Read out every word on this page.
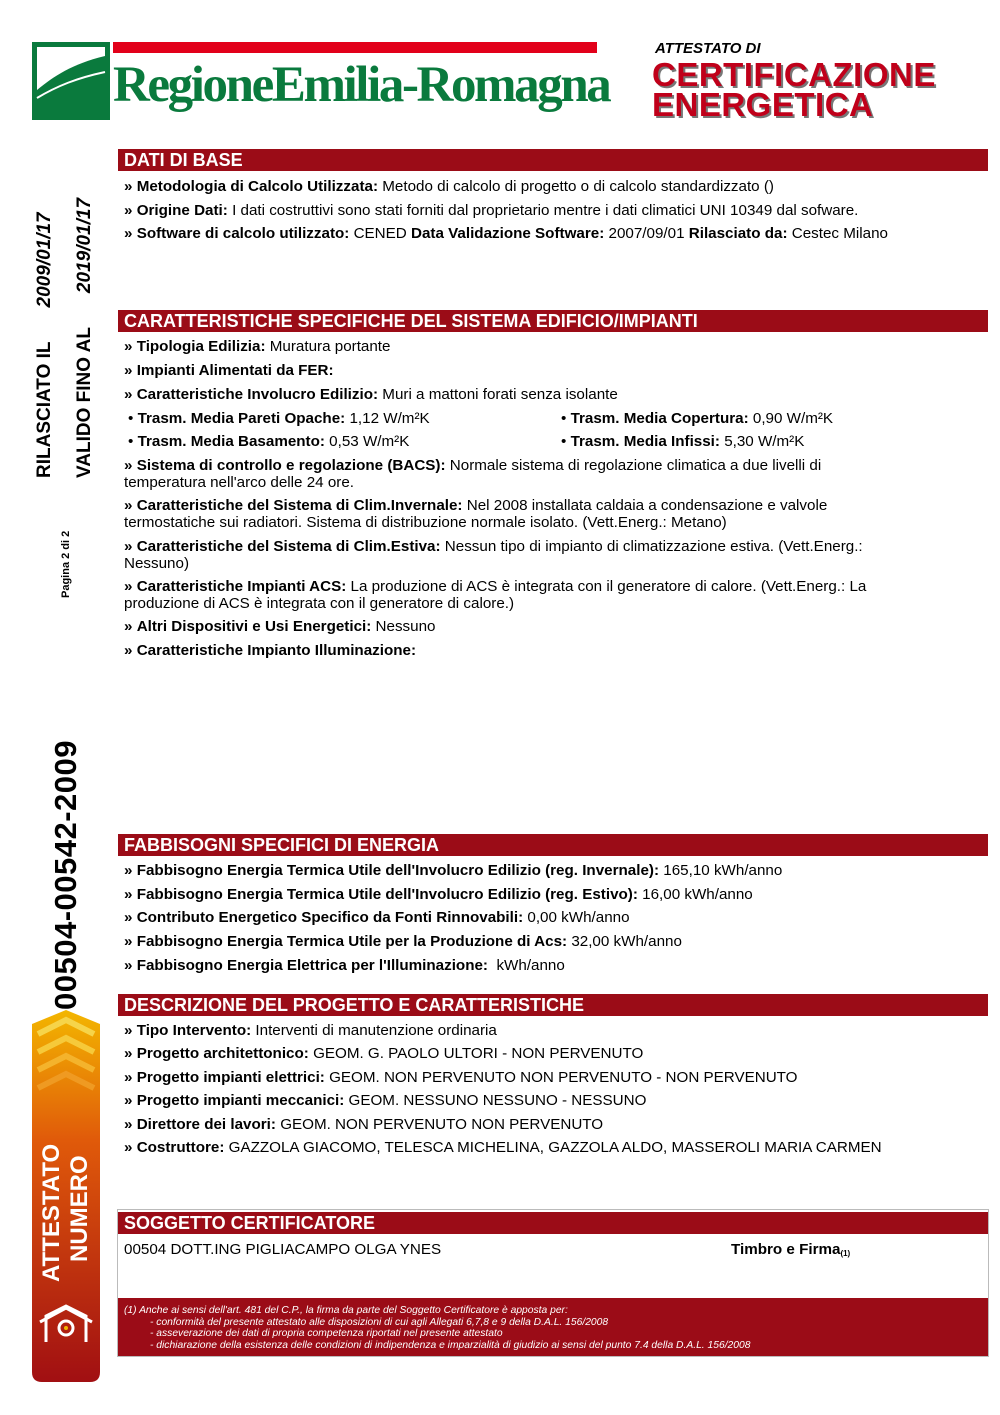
RegioneEmilia-Romagna
ATTESTATO DI
CERTIFICAZIONE
ENERGETICA
RILASCIATO IL2009/01/17
VALIDO FINO AL2019/01/17
Pagina 2 di 2
00504-00542-2009
ATTESTATO NUMERO
DATI DI BASE
» Metodologia di Calcolo Utilizzata: Metodo di calcolo di progetto o di calcolo standardizzato ()
» Origine Dati: I dati costruttivi sono stati forniti dal proprietario mentre i dati climatici UNI 10349 dal sofware.
» Software di calcolo utilizzato: CENED Data Validazione Software: 2007/09/01 Rilasciato da: Cestec Milano
CARATTERISTICHE SPECIFICHE DEL SISTEMA EDIFICIO/IMPIANTI
» Tipologia Edilizia: Muratura portante
» Impianti Alimentati da FER:
» Caratteristiche Involucro Edilizio: Muri a mattoni forati senza isolante
• Trasm. Media Pareti Opache: 1,12 W/m²K	• Trasm. Media Copertura: 0,90 W/m²K
• Trasm. Media Basamento: 0,53 W/m²K	• Trasm. Media Infissi: 5,30 W/m²K
» Sistema di controllo e regolazione (BACS): Normale sistema di regolazione climatica a due livelli di
temperatura nell'arco delle 24 ore.
» Caratteristiche del Sistema di Clim.Invernale: Nel 2008 installata caldaia a condensazione e valvole
termostatiche sui radiatori. Sistema di distribuzione normale isolato. (Vett.Energ.: Metano)
» Caratteristiche del Sistema di Clim.Estiva: Nessun tipo di impianto di climatizzazione estiva. (Vett.Energ.:
Nessuno)
» Caratteristiche Impianti ACS: La produzione di ACS è integrata con il generatore di calore. (Vett.Energ.: La
produzione di ACS è integrata con il generatore di calore.)
» Altri Dispositivi e Usi Energetici: Nessuno
» Caratteristiche Impianto Illuminazione:
FABBISOGNI SPECIFICI DI ENERGIA
» Fabbisogno Energia Termica Utile dell'Involucro Edilizio (reg. Invernale): 165,10 kWh/anno
» Fabbisogno Energia Termica Utile dell'Involucro Edilizio (reg. Estivo): 16,00 kWh/anno
» Contributo Energetico Specifico da Fonti Rinnovabili: 0,00 kWh/anno
» Fabbisogno Energia Termica Utile per la Produzione di Acs: 32,00 kWh/anno
» Fabbisogno Energia Elettrica per l'Illuminazione: kWh/anno
DESCRIZIONE DEL PROGETTO E CARATTERISTICHE
» Tipo Intervento: Interventi di manutenzione ordinaria
» Progetto architettonico: GEOM. G. PAOLO ULTORI - NON PERVENUTO
» Progetto impianti elettrici: GEOM. NON PERVENUTO NON PERVENUTO - NON PERVENUTO
» Progetto impianti meccanici: GEOM. NESSUNO NESSUNO - NESSUNO
» Direttore dei lavori: GEOM. NON PERVENUTO NON PERVENUTO
» Costruttore: GAZZOLA GIACOMO, TELESCA MICHELINA, GAZZOLA ALDO, MASSEROLI MARIA CARMEN
SOGGETTO CERTIFICATORE
00504 DOTT.ING PIGLIACAMPO OLGA YNES	Timbro e Firma$_{(1)}$
(1) Anche ai sensi dell'art. 481 del C.P., la firma da parte del Soggetto Certificatore è apposta per:
- conformità del presente attestato alle disposizioni di cui agli Allegati 6,7,8 e 9 della D.A.L. 156/2008
- asseverazione dei dati di propria competenza riportati nel presente attestato
- dichiarazione della esistenza delle condizioni di indipendenza e imparzialità di giudizio ai sensi del punto 7.4 della D.A.L. 156/2008
